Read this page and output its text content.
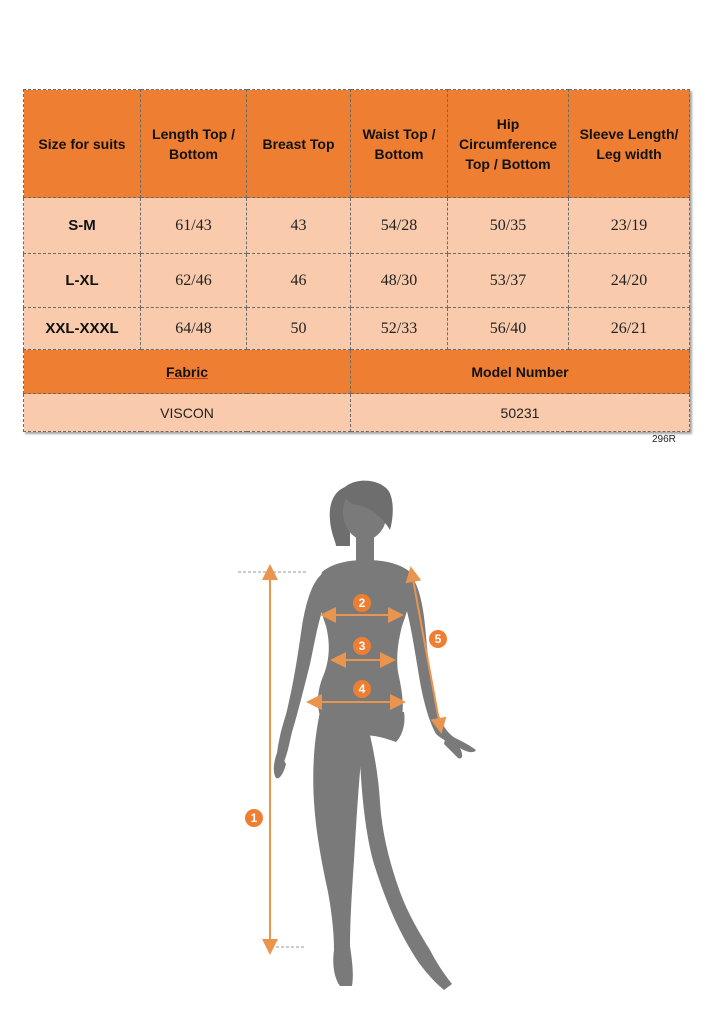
Size for suits	Length Top / Bottom	Breast Top	Waist Top / Bottom	Hip Circumference Top / Bottom	Sleeve Length/ Leg width
S-M	61/43	43	54/28	50/35	23/19
L-XL	62/46	46	48/30	53/37	24/20
XXL-XXXL	64/48	50	52/33	56/40	26/21
Fabric			Model Number		
VISCON			50231		
296R
1
2
3
4
5
